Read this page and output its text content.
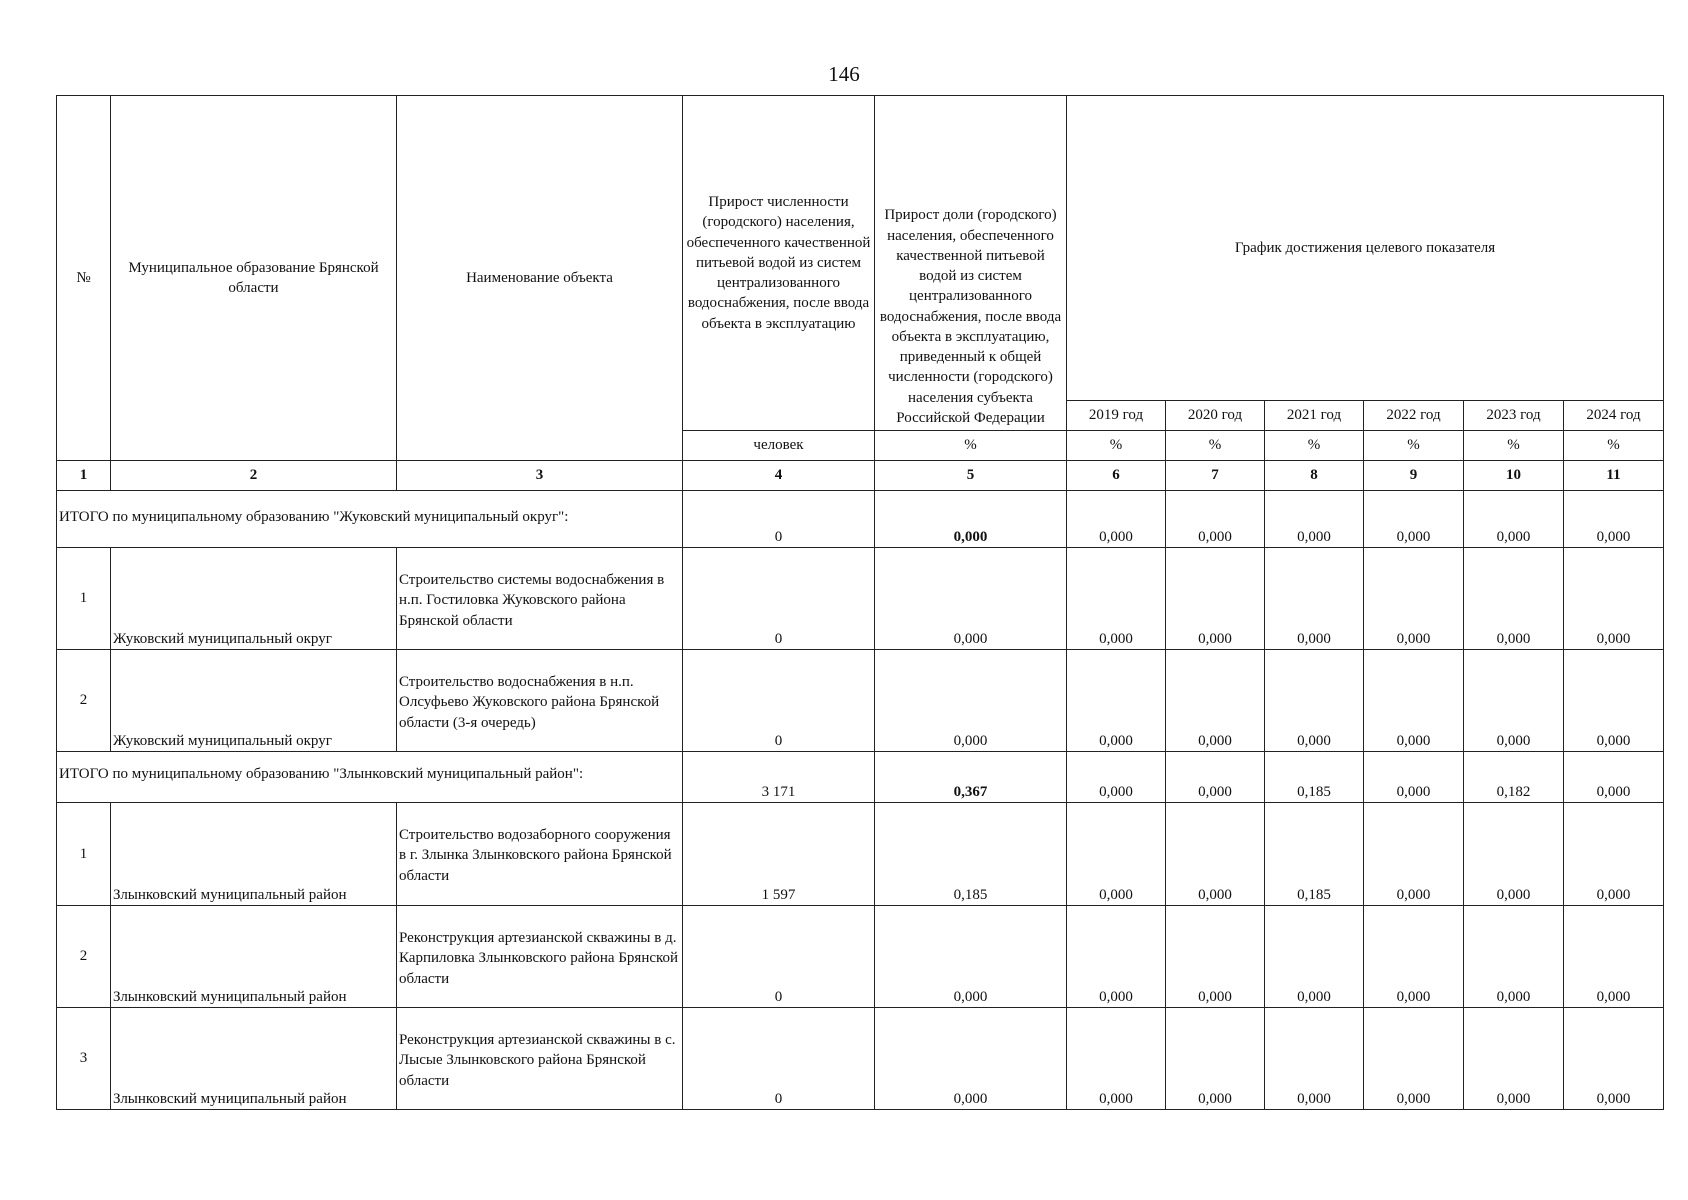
146
№	Муниципальное образование Брянской области	Наименование объекта	Прирост численности (городского) населения, обеспеченного качественной питьевой водой из систем централизованного водоснабжения, после ввода объекта в эксплуатацию	Прирост доли (городского) населения, обеспеченного качественной питьевой водой из систем централизованного водоснабжения, после ввода объекта в эксплуатацию, приведенный к общей численности (городского) населения субъекта Российской Федерации	График достижения целевого показателя					
					2019 год	2020 год	2021 год	2022 год	2023 год	2024 год
			человек	%	%	%	%	%	%	%
1	2	3	4	5	6	7	8	9	10	11
ИТОГО по муниципальному образованию "Жуковский муниципальный округ":			0	0,000	0,000	0,000	0,000	0,000	0,000	0,000
1	Жуковский муниципальный округ	Строительство системы водоснабжения в н.п. Гостиловка Жуковского района Брянской области	0	0,000	0,000	0,000	0,000	0,000	0,000	0,000
2	Жуковский муниципальный округ	Строительство водоснабжения в н.п. Олсуфьево Жуковского района Брянской области (3-я очередь)	0	0,000	0,000	0,000	0,000	0,000	0,000	0,000
ИТОГО по муниципальному образованию "Злынковский муниципальный район":			3 171	0,367	0,000	0,000	0,185	0,000	0,182	0,000
1	Злынковский муниципальный район	Строительство водозаборного сооружения в г. Злынка Злынковского района Брянской области	1 597	0,185	0,000	0,000	0,185	0,000	0,000	0,000
2	Злынковский муниципальный район	Реконструкция артезианской скважины в д. Карпиловка Злынковского района Брянской области	0	0,000	0,000	0,000	0,000	0,000	0,000	0,000
3	Злынковский муниципальный район	Реконструкция артезианской скважины в с. Лысые Злынковского района Брянской области	0	0,000	0,000	0,000	0,000	0,000	0,000	0,000
